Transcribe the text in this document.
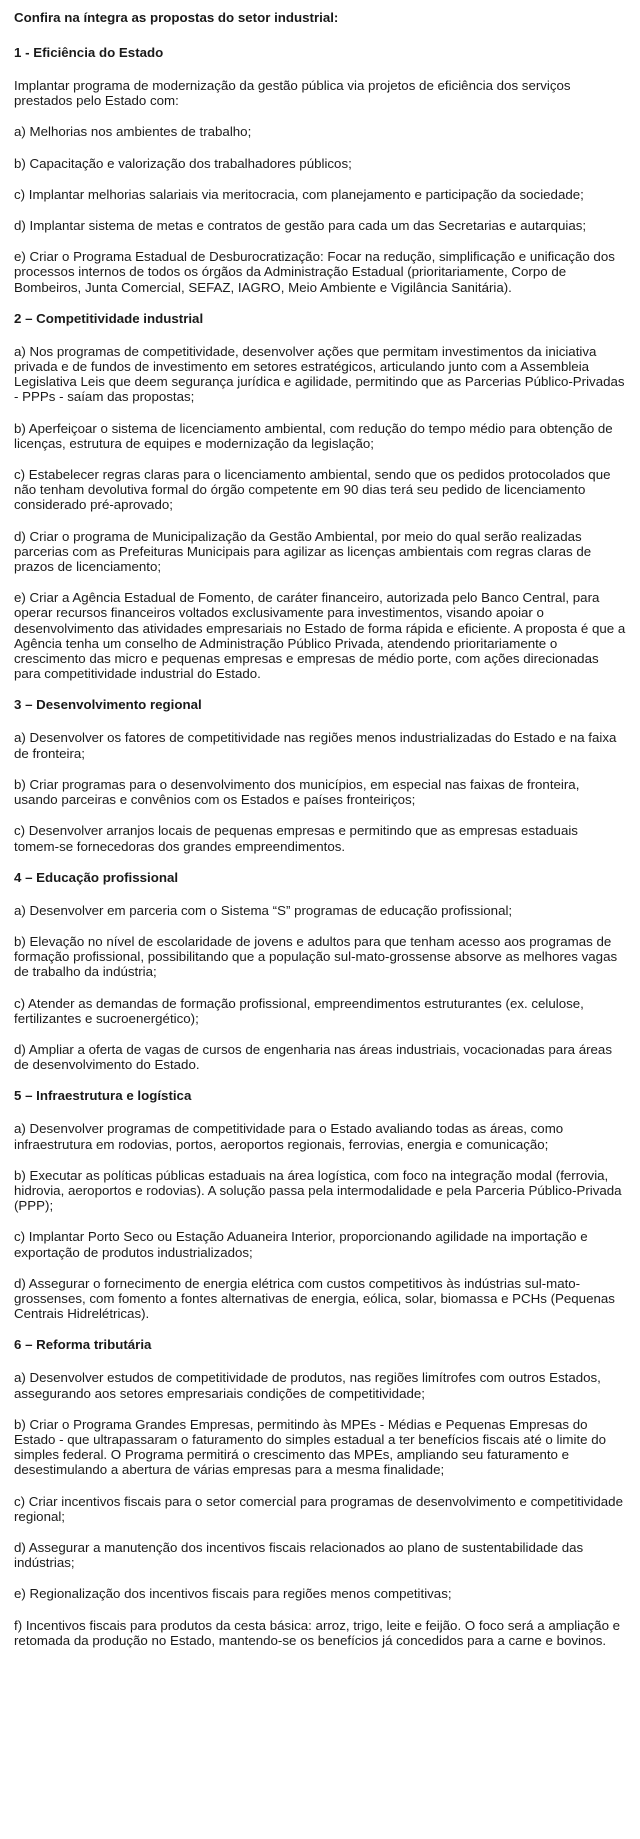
Confira na íntegra as propostas do setor industrial:
1 - Eficiência do Estado

Implantar programa de modernização da gestão pública via projetos de eficiência dos serviços prestados pelo Estado com:

a) Melhorias nos ambientes de trabalho;

b) Capacitação e valorização dos trabalhadores públicos;

c) Implantar melhorias salariais via meritocracia, com planejamento e participação da sociedade;

d) Implantar sistema de metas e contratos de gestão para cada um das Secretarias e autarquias;

e) Criar o Programa Estadual de Desburocratização: Focar na redução, simplificação e unificação dos processos internos de todos os órgãos da Administração Estadual (prioritariamente, Corpo de Bombeiros, Junta Comercial, SEFAZ, IAGRO, Meio Ambiente e Vigilância Sanitária).

2 – Competitividade industrial

a) Nos programas de competitividade, desenvolver ações que permitam investimentos da iniciativa privada e de fundos de investimento em setores estratégicos, articulando junto com a Assembleia Legislativa Leis que deem segurança jurídica e agilidade, permitindo que as Parcerias Público-Privadas - PPPs - saíam das propostas;

b) Aperfeiçoar o sistema de licenciamento ambiental, com redução do tempo médio para obtenção de licenças, estrutura de equipes e modernização da legislação;

c) Estabelecer regras claras para o licenciamento ambiental, sendo que os pedidos protocolados que não tenham devolutiva formal do órgão competente em 90 dias terá seu pedido de licenciamento considerado pré-aprovado;

d) Criar o programa de Municipalização da Gestão Ambiental, por meio do qual serão realizadas parcerias com as Prefeituras Municipais para agilizar as licenças ambientais com regras claras de prazos de licenciamento;

e) Criar a Agência Estadual de Fomento, de caráter financeiro, autorizada pelo Banco Central, para operar recursos financeiros voltados exclusivamente para investimentos, visando apoiar o desenvolvimento das atividades empresariais no Estado de forma rápida e eficiente. A proposta é que a Agência tenha um conselho de Administração Público Privada, atendendo prioritariamente o crescimento das micro e pequenas empresas e empresas de médio porte, com ações direcionadas para competitividade industrial do Estado.

3 – Desenvolvimento regional

a) Desenvolver os fatores de competitividade nas regiões menos industrializadas do Estado e na faixa de fronteira;

b) Criar programas para o desenvolvimento dos municípios, em especial nas faixas de fronteira, usando parceiras e convênios com os Estados e países fronteiriços;

c) Desenvolver arranjos locais de pequenas empresas e permitindo que as empresas estaduais tomem-se fornecedoras dos grandes empreendimentos.

4 – Educação profissional

a) Desenvolver em parceria com o Sistema “S” programas de educação profissional;

b) Elevação no nível de escolaridade de jovens e adultos para que tenham acesso aos programas de formação profissional, possibilitando que a população sul-mato-grossense absorve as melhores vagas de trabalho da indústria;

c) Atender as demandas de formação profissional, empreendimentos estruturantes (ex. celulose, fertilizantes e sucroenergético);

d) Ampliar a oferta de vagas de cursos de engenharia nas áreas industriais, vocacionadas para áreas de desenvolvimento do Estado.

5 – Infraestrutura e logística

a) Desenvolver programas de competitividade para o Estado avaliando todas as áreas, como infraestrutura em rodovias, portos, aeroportos regionais, ferrovias, energia e comunicação;

b) Executar as políticas públicas estaduais na área logística, com foco na integração modal (ferrovia, hidrovia, aeroportos e rodovias). A solução passa pela intermodalidade e pela Parceria Público-Privada (PPP);

c) Implantar Porto Seco ou Estação Aduaneira Interior, proporcionando agilidade na importação e exportação de produtos industrializados;

d) Assegurar o fornecimento de energia elétrica com custos competitivos às indústrias sul-mato-grossenses, com fomento a fontes alternativas de energia, eólica, solar, biomassa e PCHs (Pequenas Centrais Hidrelétricas).

6 – Reforma tributária

a) Desenvolver estudos de competitividade de produtos, nas regiões limítrofes com outros Estados, assegurando aos setores empresariais condições de competitividade;

b) Criar o Programa Grandes Empresas, permitindo às MPEs - Médias e Pequenas Empresas do Estado - que ultrapassaram o faturamento do simples estadual a ter benefícios fiscais até o limite do simples federal. O Programa permitirá o crescimento das MPEs, ampliando seu faturamento e desestimulando a abertura de várias empresas para a mesma finalidade;

c) Criar incentivos fiscais para o setor comercial para programas de desenvolvimento e competitividade regional;

d) Assegurar a manutenção dos incentivos fiscais relacionados ao plano de sustentabilidade das indústrias;

e) Regionalização dos incentivos fiscais para regiões menos competitivas;

f) Incentivos fiscais para produtos da cesta básica: arroz, trigo, leite e feijão. O foco será a ampliação e retomada da produção no Estado, mantendo-se os benefícios já concedidos para a carne e bovinos.
